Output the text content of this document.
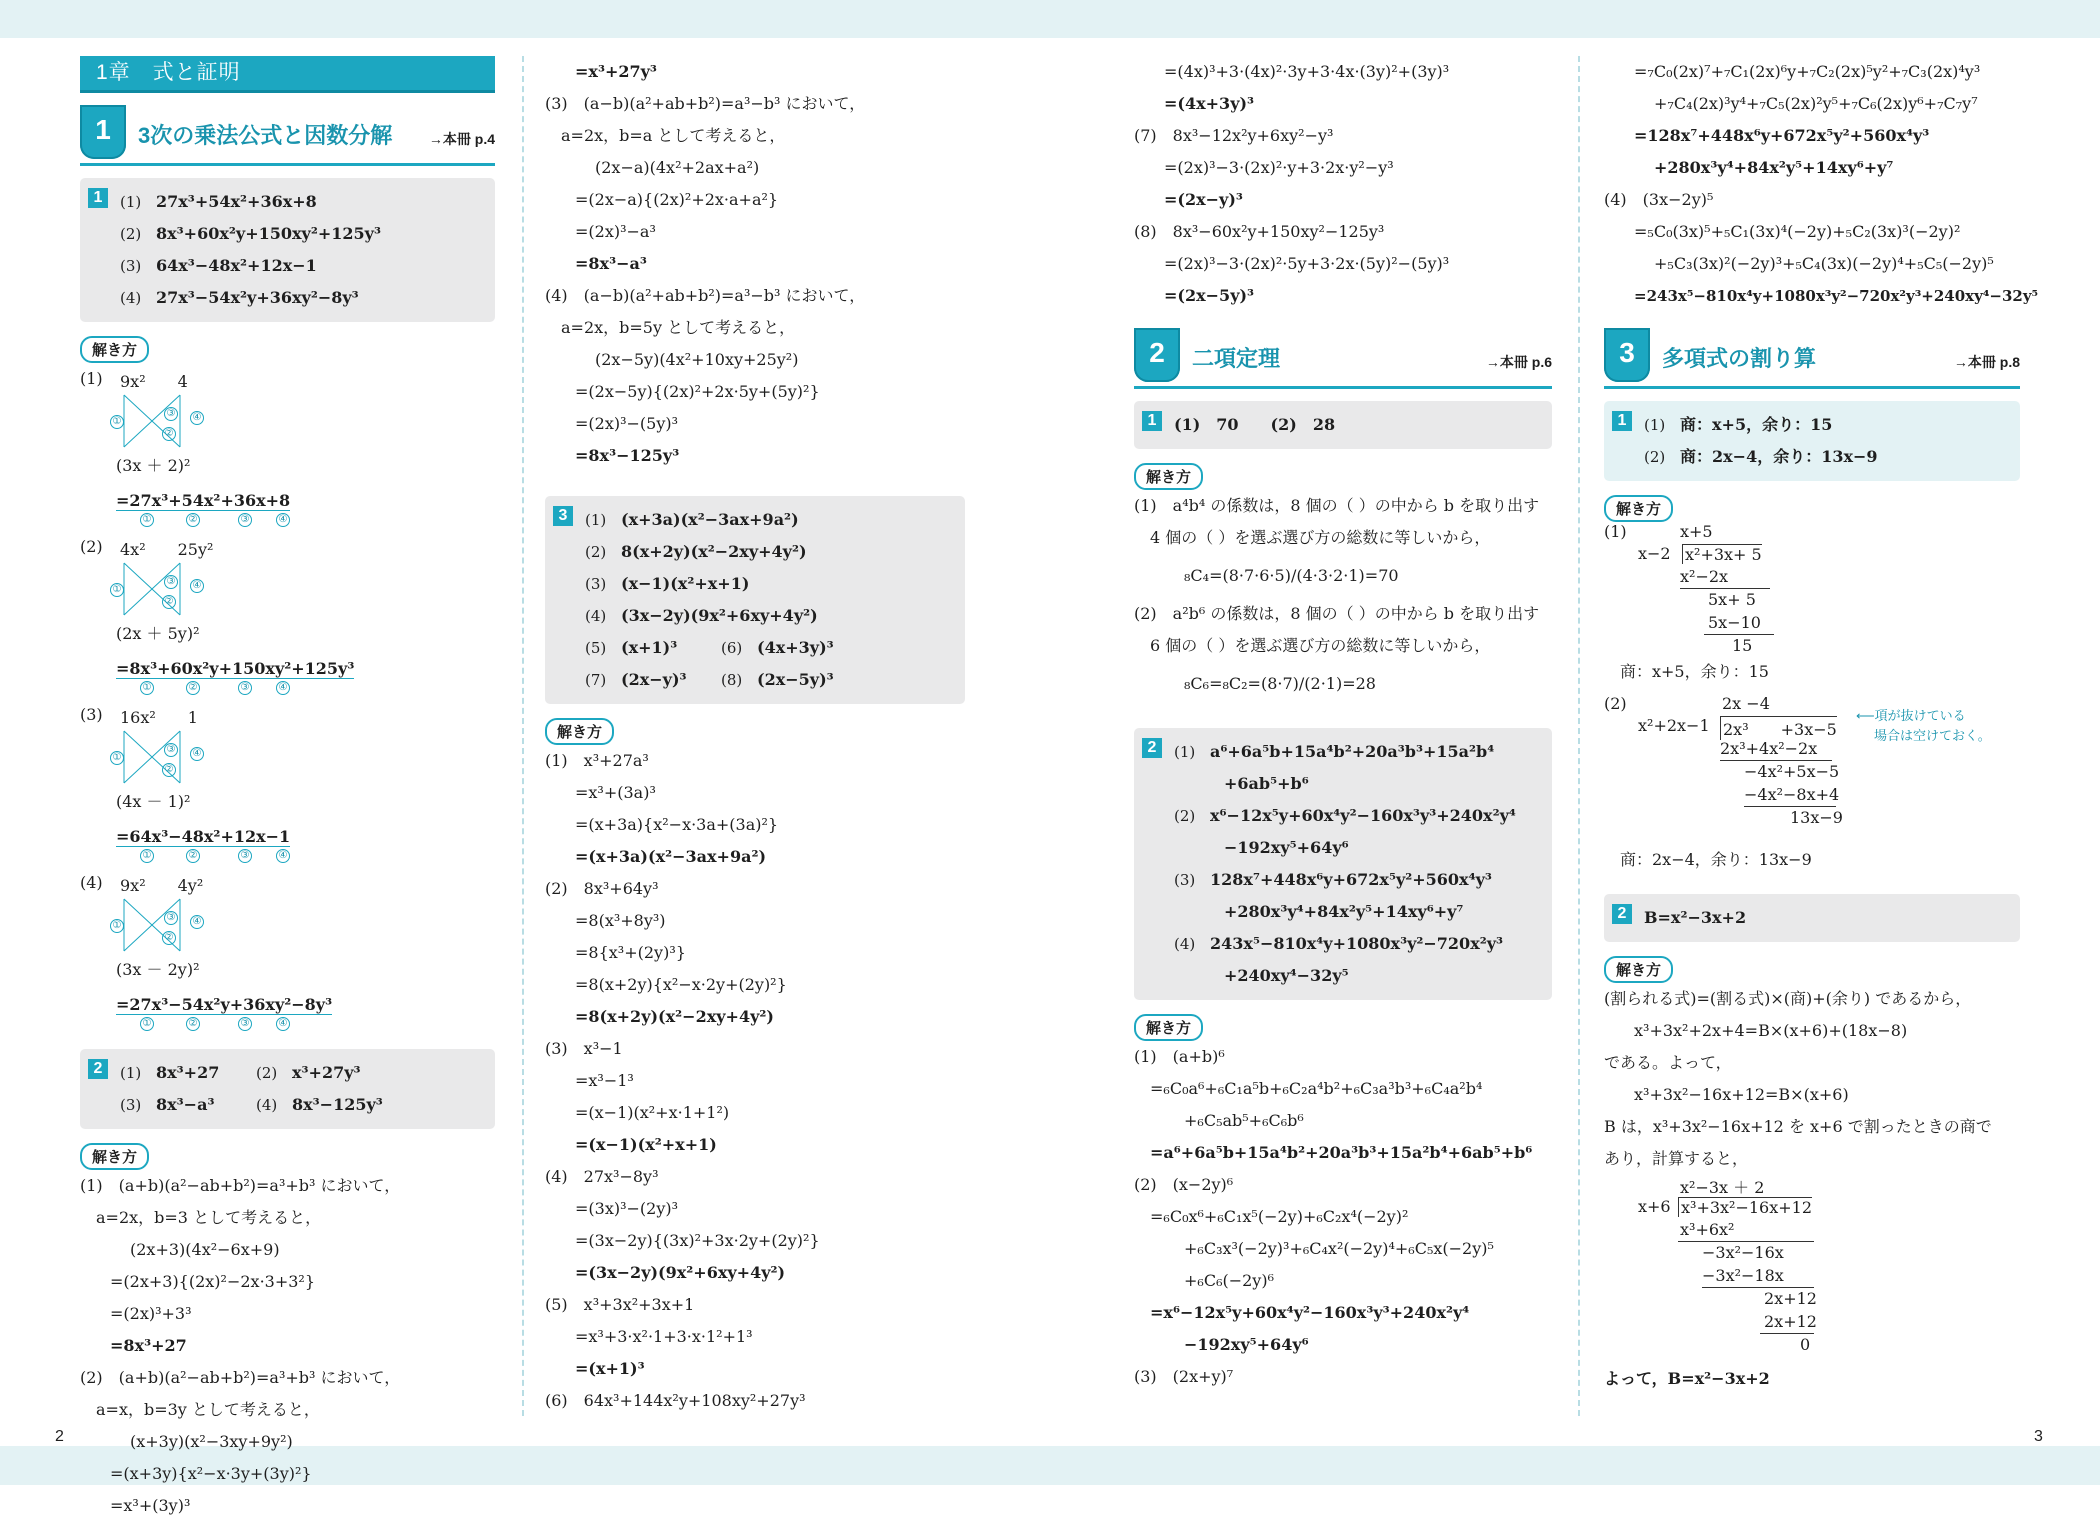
2	3
1章　式と証明
1	3次の乗法公式と因数分解	→本冊 p.4
1	(1) 27x³+54x²+36x+8
(2) 8x³+60x²y+150xy²+125y³
(3) 64x³−48x²+12x−1
(4) 27x³−54x²y+36xy²−8y³
解き方
(1) 9x²　　4
①
②
③ ④
(3x ＋ 2)²
=27x³+54x²+36x+8
①	②	③	④
(2) 4x²　　25y²
①
②
③ ④
(2x ＋ 5y)²
=8x³+60x²y+150xy²+125y³
①	②	③	④
(3) 16x²　　1
①
②
③ ④
(4x － 1)²
=64x³−48x²+12x−1
①	②	③	④
(4) 9x²　　4y²
①
②
③ ④
(3x － 2y)²
=27x³−54x²y+36xy²−8y³
①	②	③	④
2	(1) 8x³+27 (2) x³+27y³
(3) 8x³−a³	(4) 8x³−125y³
解き方
(1)　(a+b)(a²−ab+b²)=a³+b³ において，
a=2x，b=3 として考えると，
(2x+3)(4x²−6x+9)
=(2x+3){(2x)²−2x·3+3²}
=(2x)³+3³
=8x³+27
(2)　(a+b)(a²−ab+b²)=a³+b³ において，
a=x，b=3y として考えると，
(x+3y)(x²−3xy+9y²)
=(x+3y){x²−x·3y+(3y)²}
=x³+(3y)³
=x³+27y³
(3)　(a−b)(a²+ab+b²)=a³−b³ において，
a=2x，b=a として考えると，
(2x−a)(4x²+2ax+a²)
=(2x−a){(2x)²+2x·a+a²}
=(2x)³−a³
=8x³−a³
(4)　(a−b)(a²+ab+b²)=a³−b³ において，
a=2x，b=5y として考えると，
(2x−5y)(4x²+10xy+25y²)
=(2x−5y){(2x)²+2x·5y+(5y)²}
=(2x)³−(5y)³
=8x³−125y³
3	(1) (x+3a)(x²−3ax+9a²)
(2) 8(x+2y)(x²−2xy+4y²)
(3) (x−1)(x²+x+1)
(4) (3x−2y)(9x²+6xy+4y²)
(5) (x+1)³	(6) (4x+3y)³
(7) (2x−y)³ (8) (2x−5y)³
解き方
(1)　x³+27a³
=x³+(3a)³
=(x+3a){x²−x·3a+(3a)²}
=(x+3a)(x²−3ax+9a²)
(2)　8x³+64y³
=8(x³+8y³)
=8{x³+(2y)³}
=8(x+2y){x²−x·2y+(2y)²}
=8(x+2y)(x²−2xy+4y²)
(3)　x³−1
=x³−1³
=(x−1)(x²+x·1+1²)
=(x−1)(x²+x+1)
(4)　27x³−8y³
=(3x)³−(2y)³
=(3x−2y){(3x)²+3x·2y+(2y)²}
=(3x−2y)(9x²+6xy+4y²)
(5)　x³+3x²+3x+1
=x³+3·x²·1+3·x·1²+1³
=(x+1)³
(6)　64x³+144x²y+108xy²+27y³
=(4x)³+3·(4x)²·3y+3·4x·(3y)²+(3y)³
=(4x+3y)³
(7)　8x³−12x²y+6xy²−y³
=(2x)³−3·(2x)²·y+3·2x·y²−y³
=(2x−y)³
(8)　8x³−60x²y+150xy²−125y³
=(2x)³−3·(2x)²·5y+3·2x·(5y)²−(5y)³
=(2x−5y)³
2	二項定理	→本冊 p.6
1	(1)　70　　(2)　28
解き方
(1)　a⁴b⁴ の係数は，8 個の（ ）の中から b を取り出す
4 個の（ ）を選ぶ選び方の総数に等しいから，
₈C₄=(8·7·6·5)/(4·3·2·1)=70
(2)　a²b⁶ の係数は，8 個の（ ）の中から b を取り出す
6 個の（ ）を選ぶ選び方の総数に等しいから，
₈C₆=₈C₂=(8·7)/(2·1)=28
2	(1) a⁶+6a⁵b+15a⁴b²+20a³b³+15a²b⁴
+6ab⁵+b⁶
(2) x⁶−12x⁵y+60x⁴y²−160x³y³+240x²y⁴
−192xy⁵+64y⁶
(3) 128x⁷+448x⁶y+672x⁵y²+560x⁴y³
+280x³y⁴+84x²y⁵+14xy⁶+y⁷
(4) 243x⁵−810x⁴y+1080x³y²−720x²y³
+240xy⁴−32y⁵
解き方
(1)　(a+b)⁶
=₆C₀a⁶+₆C₁a⁵b+₆C₂a⁴b²+₆C₃a³b³+₆C₄a²b⁴
+₆C₅ab⁵+₆C₆b⁶
=a⁶+6a⁵b+15a⁴b²+20a³b³+15a²b⁴+6ab⁵+b⁶
(2)　(x−2y)⁶
=₆C₀x⁶+₆C₁x⁵(−2y)+₆C₂x⁴(−2y)²
+₆C₃x³(−2y)³+₆C₄x²(−2y)⁴+₆C₅x(−2y)⁵
+₆C₆(−2y)⁶
=x⁶−12x⁵y+60x⁴y²−160x³y³+240x²y⁴
−192xy⁵+64y⁶
(3)　(2x+y)⁷
=₇C₀(2x)⁷+₇C₁(2x)⁶y+₇C₂(2x)⁵y²+₇C₃(2x)⁴y³
+₇C₄(2x)³y⁴+₇C₅(2x)²y⁵+₇C₆(2x)y⁶+₇C₇y⁷
=128x⁷+448x⁶y+672x⁵y²+560x⁴y³
+280x³y⁴+84x²y⁵+14xy⁶+y⁷
(4)　(3x−2y)⁵
=₅C₀(3x)⁵+₅C₁(3x)⁴(−2y)+₅C₂(3x)³(−2y)²
+₅C₃(3x)²(−2y)³+₅C₄(3x)(−2y)⁴+₅C₅(−2y)⁵
=243x⁵−810x⁴y+1080x³y²−720x²y³+240xy⁴−32y⁵
3	多項式の割り算	→本冊 p.8
1	(1) 商：x+5，余り：15
(2) 商：2x−4，余り：13x−9
解き方
(1)	x+5
x−2 x²+3x+ 5
x²−2x
5x+ 5
5x−10
15
商：x+5，余り：15
(2)	2x −4
x²+2x−1 2x³　　+3x−5
2x³+4x²−2x
−4x²+5x−5
−4x²−8x+4
13x−9
⟵項が抜けている
場合は空けておく。
商：2x−4，余り：13x−9
2	B=x²−3x+2
解き方
(割られる式)=(割る式)×(商)+(余り) であるから，
x³+3x²+2x+4=B×(x+6)+(18x−8)
である。よって，
x³+3x²−16x+12=B×(x+6)
B は，x³+3x²−16x+12 を x+6 で割ったときの商で
あり，計算すると，
x²−3x ＋ 2
x+6 x³+3x²−16x+12
x³+6x²
−3x²−16x
−3x²−18x
2x+12
2x+12
0
よって，B=x²−3x+2
